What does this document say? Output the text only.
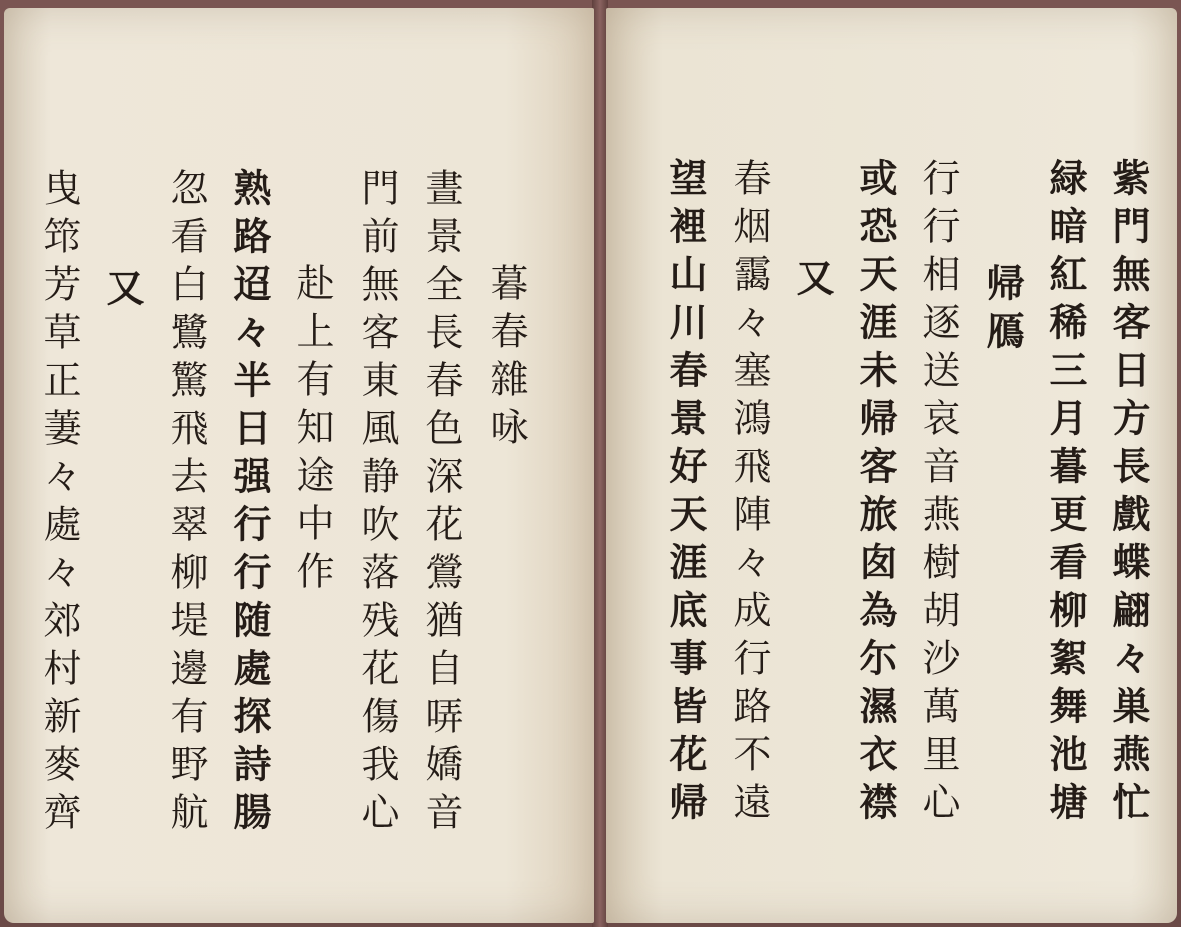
暮春雜咏
晝景全長春色深花鶯猶自哢嬌音
門前無客東風静吹落残花傷我心
赴上有知途中作
熟路迢々半日强行行随處探詩腸
忽看白鷺驚飛去翠柳堤邊有野航
又
曳筇芳草正萋々處々郊村新麥齊	紫門無客日方長戲蝶翩々巣燕忙
緑暗紅稀三月暮更看柳絮舞池塘
帰鴈
行行相逐送哀音燕樹胡沙萬里心
或恐天涯未帰客旅囱為尓濕衣襟
又
春烟靄々塞鴻飛陣々成行路不遠
望裡山川春景好天涯底事皆花帰
